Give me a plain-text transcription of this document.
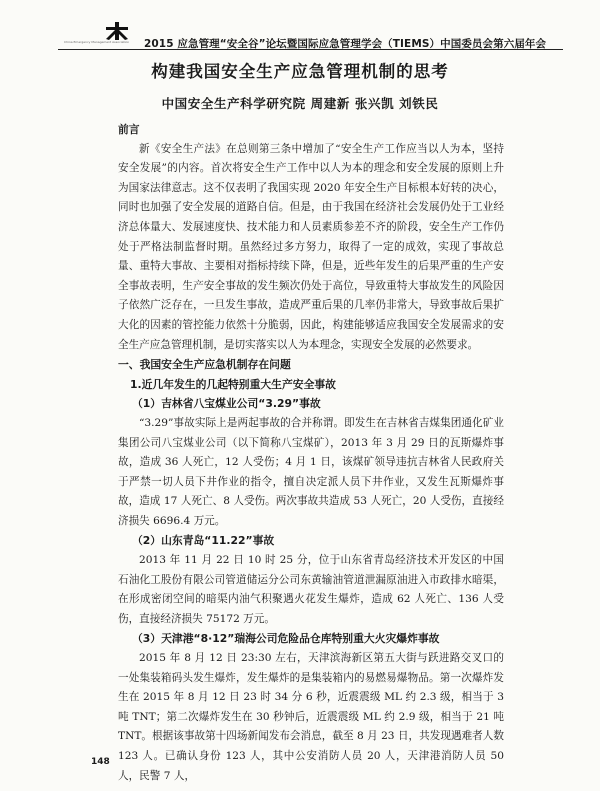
China Emergency Management Association	2015 应急管理“安全谷”论坛暨国际应急管理学会（TIEMS）中国委员会第六届年会
构建我国安全生产应急管理机制的思考
中国安全生产科学研究院 周建新 张兴凯 刘铁民
前言

新《安全生产法》在总则第三条中增加了“安全生产工作应当以人为本，坚持安全发展”的内容。首次将安全生产工作中以人为本的理念和安全发展的原则上升为国家法律意志。这不仅表明了我国实现 2020 年安全生产目标根本好转的决心，同时也加强了安全发展的道路自信。但是，由于我国在经济社会发展仍处于工业经济总体量大、发展速度快、技术能力和人员素质参差不齐的阶段，安全生产工作仍处于严格法制监督时期。虽然经过多方努力，取得了一定的成效，实现了事故总量、重特大事故、主要相对指标持续下降，但是，近些年发生的后果严重的生产安全事故表明，生产安全事故的发生频次仍处于高位，导致重特大事故发生的风险因子依然广泛存在，一旦发生事故，造成严重后果的几率仍非常大，导致事故后果扩大化的因素的管控能力依然十分脆弱，因此，构建能够适应我国安全发展需求的安全生产应急管理机制，是切实落实以人为本理念，实现安全发展的必然要求。

一、我国安全生产应急机制存在问题
1.近几年发生的几起特别重大生产安全事故
（1）吉林省八宝煤业公司“3.29”事故

“3.29”事故实际上是两起事故的合并称谓。即发生在吉林省吉煤集团通化矿业集团公司八宝煤业公司（以下简称八宝煤矿），2013 年 3 月 29 日的瓦斯爆炸事故，造成 36 人死亡，12 人受伤；4 月 1 日，该煤矿领导违抗吉林省人民政府关于严禁一切人员下井作业的指令，擅自决定派人员下井作业，又发生瓦斯爆炸事故，造成 17 人死亡、8 人受伤。两次事故共造成 53 人死亡，20 人受伤，直接经济损失 6696.4 万元。

（2）山东青岛“11.22”事故

2013 年 11 月 22 日 10 时 25 分，位于山东省青岛经济技术开发区的中国石油化工股份有限公司管道储运分公司东黄输油管道泄漏原油进入市政排水暗渠，在形成密闭空间的暗渠内油气积聚遇火花发生爆炸，造成 62 人死亡、136 人受伤，直接经济损失 75172 万元。

（3）天津港“8·12”瑞海公司危险品仓库特别重大火灾爆炸事故

2015 年 8 月 12 日 23:30 左右，天津滨海新区第五大街与跃进路交叉口的一处集装箱码头发生爆炸，发生爆炸的是集装箱内的易燃易爆物品。第一次爆炸发生在 2015 年 8 月 12 日 23 时 34 分 6 秒，近震震级 ML 约 2.3 级，相当于 3 吨 TNT；第二次爆炸发生在 30 秒钟后，近震震级 ML 约 2.9 级，相当于 21 吨 TNT。根据该事故第十四场新闻发布会消息，截至 8 月 23 日，共发现遇难者人数 123 人。已确认身份 123 人，其中公安消防人员 20 人，天津港消防人员 50 人，民警 7 人，

148
